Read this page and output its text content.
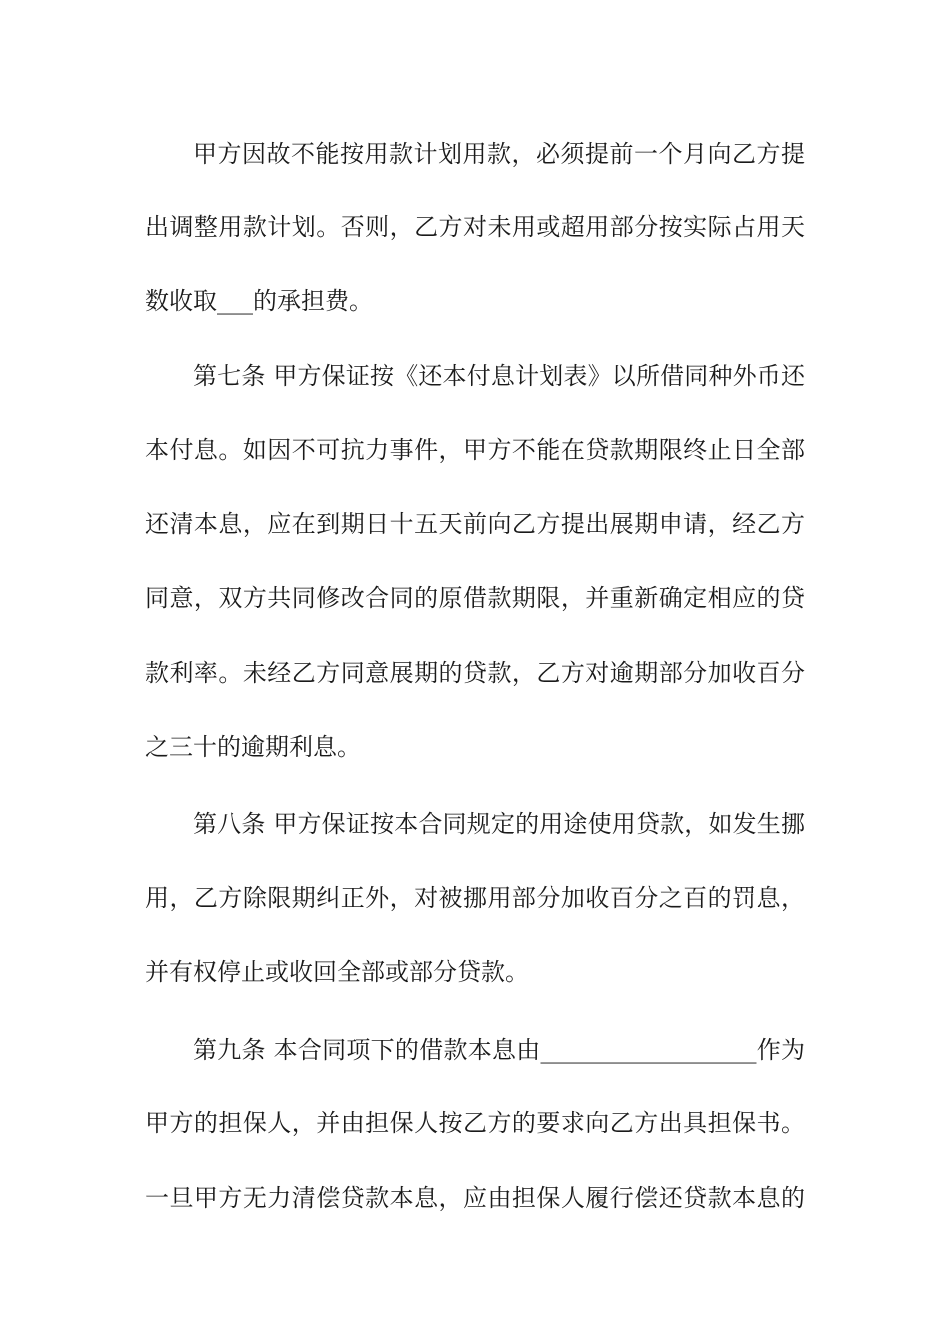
甲方因故不能按用款计划用款，必须提前一个月向乙方提
出调整用款计划。否则，乙方对未用或超用部分按实际占用天
数收取___的承担费。
第七条 甲方保证按《还本付息计划表》以所借同种外币还
本付息。如因不可抗力事件，甲方不能在贷款期限终止日全部
还清本息，应在到期日十五天前向乙方提出展期申请，经乙方
同意，双方共同修改合同的原借款期限，并重新确定相应的贷
款利率。未经乙方同意展期的贷款，乙方对逾期部分加收百分
之三十的逾期利息。
第八条 甲方保证按本合同规定的用途使用贷款，如发生挪
用，乙方除限期纠正外，对被挪用部分加收百分之百的罚息，
并有权停止或收回全部或部分贷款。
第九条 本合同项下的借款本息由__________________作为
甲方的担保人，并由担保人按乙方的要求向乙方出具担保书。
一旦甲方无力清偿贷款本息，应由担保人履行偿还贷款本息的
